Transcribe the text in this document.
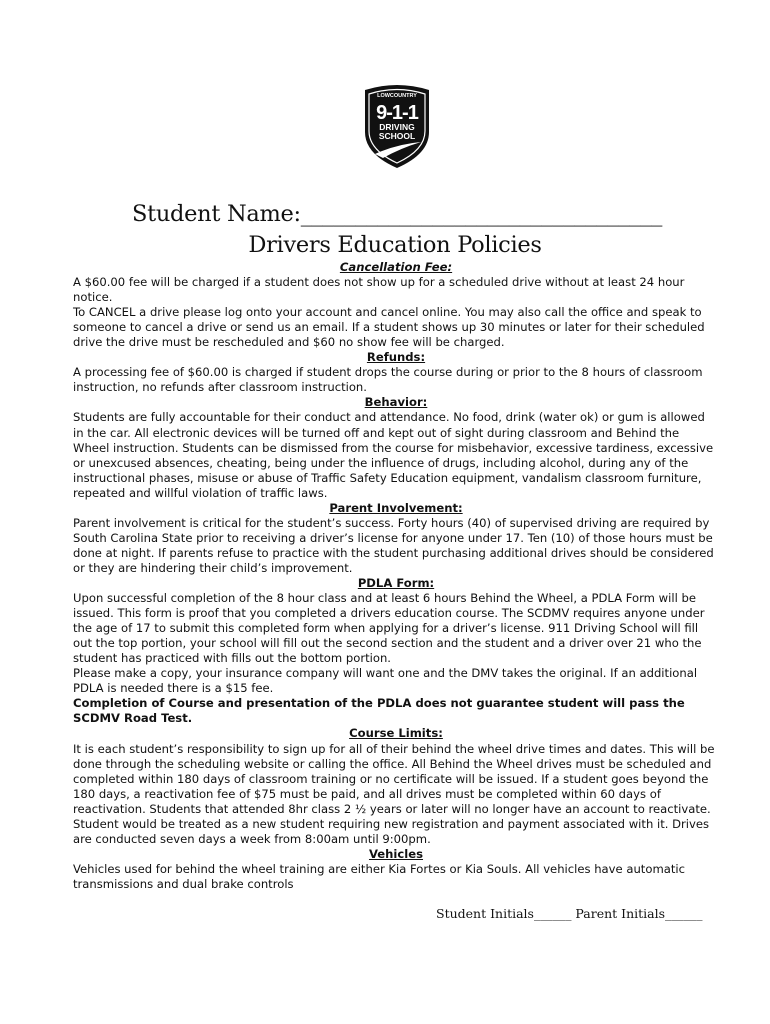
LOWCOUNTRY
9-1-1
DRIVING
SCHOOL
Student Name:_________________________________
Drivers Education Policies

Cancellation Fee:

A $60.00 fee will be charged if a student does not show up for a scheduled drive without at least 24 hour notice.

To CANCEL a drive please log onto your account and cancel online. You may also call the office and speak to someone to cancel a drive or send us an email. If a student shows up 30 minutes or later for their scheduled drive the drive must be rescheduled and $60 no show fee will be charged.

Refunds:

A processing fee of $60.00 is charged if student drops the course during or prior to the 8 hours of classroom instruction, no refunds after classroom instruction.

Behavior:

Students are fully accountable for their conduct and attendance. No food, drink (water ok) or gum is allowed in the car. All electronic devices will be turned off and kept out of sight during classroom and Behind the Wheel instruction. Students can be dismissed from the course for misbehavior, excessive tardiness, excessive or unexcused absences, cheating, being under the influence of drugs, including alcohol, during any of the instructional phases, misuse or abuse of Traffic Safety Education equipment, vandalism classroom furniture, repeated and willful violation of traffic laws.

Parent Involvement:

Parent involvement is critical for the student’s success. Forty hours (40) of supervised driving are required by South Carolina State prior to receiving a driver’s license for anyone under 17. Ten (10) of those hours must be done at night. If parents refuse to practice with the student purchasing additional drives should be considered or they are hindering their child’s improvement.

PDLA Form:

Upon successful completion of the 8 hour class and at least 6 hours Behind the Wheel, a PDLA Form will be issued. This form is proof that you completed a drivers education course. The SCDMV requires anyone under the age of 17 to submit this completed form when applying for a driver’s license. 911 Driving School will fill out the top portion, your school will fill out the second section and the student and a driver over 21 who the student has practiced with fills out the bottom portion.

Please make a copy, your insurance company will want one and the DMV takes the original. If an additional PDLA is needed there is a $15 fee.

Completion of Course and presentation of the PDLA does not guarantee student will pass the SCDMV Road Test.

Course Limits:

It is each student’s responsibility to sign up for all of their behind the wheel drive times and dates. This will be done through the scheduling website or calling the office. All Behind the Wheel drives must be scheduled and completed within 180 days of classroom training or no certificate will be issued. If a student goes beyond the 180 days, a reactivation fee of $75 must be paid, and all drives must be completed within 60 days of reactivation. Students that attended 8hr class 2 ½ years or later will no longer have an account to reactivate. Student would be treated as a new student requiring new registration and payment associated with it. Drives are conducted seven days a week from 8:00am until 9:00pm.

Vehicles

Vehicles used for behind the wheel training are either Kia Fortes or Kia Souls. All vehicles have automatic transmissions and dual brake controls

Student Initials______ Parent Initials______
